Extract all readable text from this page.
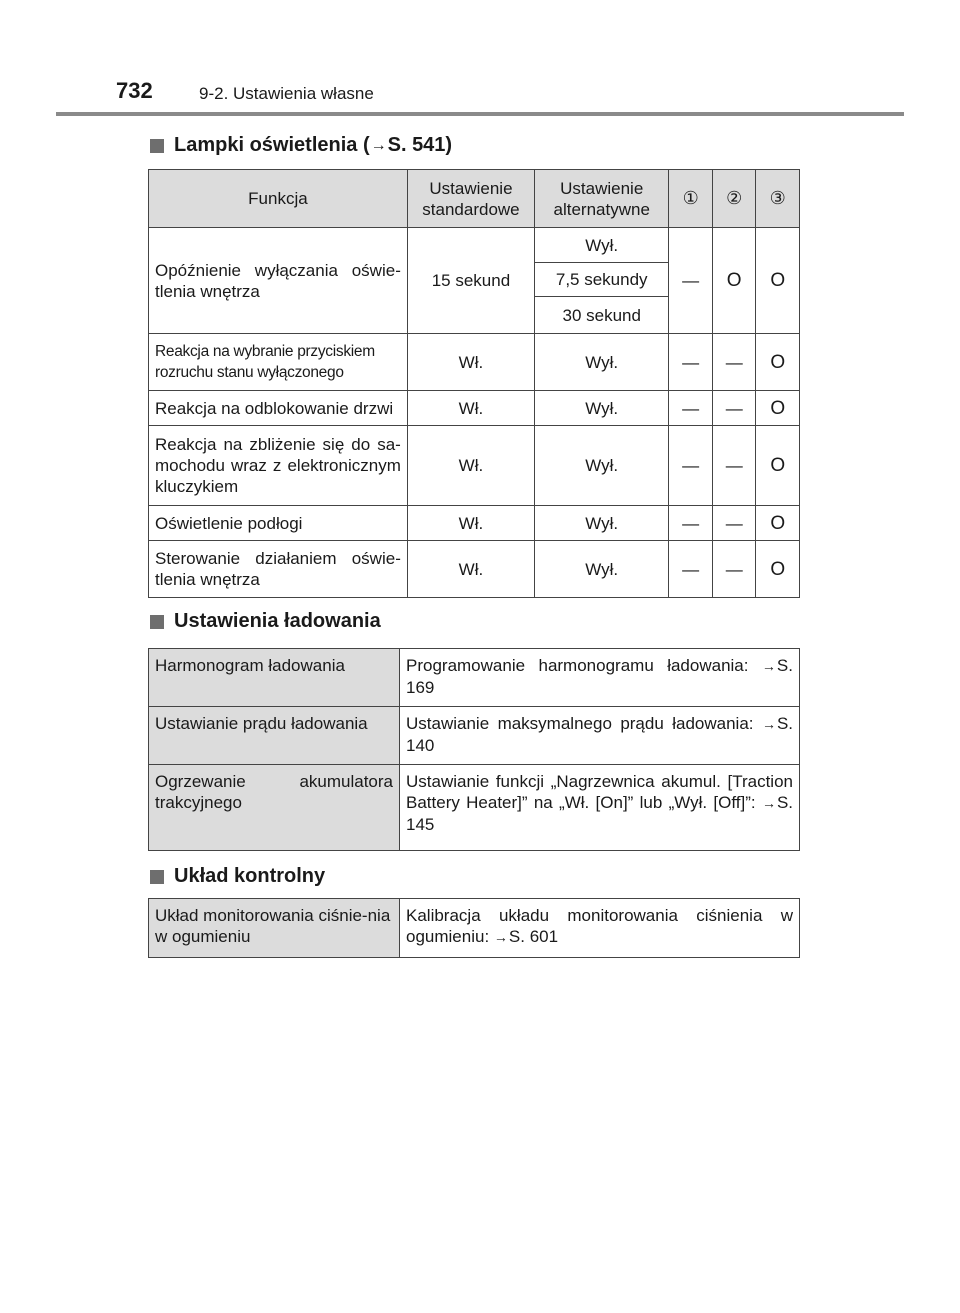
732	9-2. Ustawienia własne
Lampki oświetlenia ( → S. 541)
Funkcja	Ustawienie standardowe	Ustawienie alternatywne	①	②	③
Opóźnienie wyłączania oświe-tlenia wnętrza	15 sekund	Wył.	—	O	O
		7,5 sekundy			
		30 sekund			
Reakcja na wybranie przyciskiem rozruchu stanu wyłączonego	Wł.	Wył.	—	—	O
Reakcja na odblokowanie drzwi	Wł.	Wył.	—	—	O
Reakcja na zbliżenie się do sa-mochodu wraz z elektronicznym kluczykiem	Wł.	Wył.	—	—	O
Oświetlenie podłogi	Wł.	Wył.	—	—	O
Sterowanie działaniem oświe-tlenia wnętrza	Wł.	Wył.	—	—	O
Ustawienia ładowania
Harmonogram ładowania	Programowanie harmonogramu ładowania: →S. 169
Ustawianie prądu ładowania	Ustawianie maksymalnego prądu ładowania: →S. 140
Ogrzewanie akumulatora trakcyjnego	Ustawianie funkcji „Nagrzewnica akumul. [Traction Battery Heater]” na „Wł. [On]” lub „Wył. [Off]”: →S. 145
Układ kontrolny
Układ monitorowania ciśnie-nia w ogumieniu	Kalibracja układu monitorowania ciśnienia w ogumieniu: →S. 601
